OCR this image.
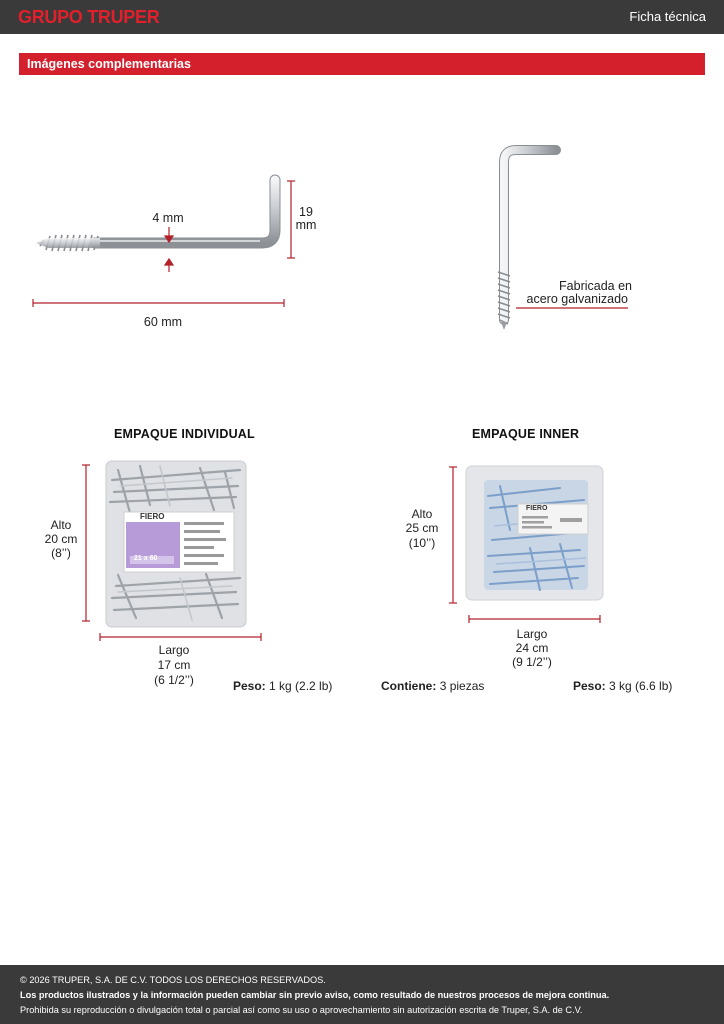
GRUPO TRUPER	Ficha técnica
Imágenes complementarias
4 mm	19
mm
60 mm
Fabricada en
acero galvanizado
FIERO
21 x 60
FIERO
EMPAQUE INDIVIDUAL
Alto
20 cm
(8’’)
Largo
17 cm
(6 1/2’’)	Peso: 1 kg (2.2 lb)
EMPAQUE INNER
Alto
25 cm
(10’’)
Largo
24 cm
(9 1/2’’)
Contiene: 3 piezas	Peso: 3 kg (6.6 lb)
© 2026 TRUPER, S.A. DE C.V. TODOS LOS DERECHOS RESERVADOS.
Los productos ilustrados y la información pueden cambiar sin previo aviso, como resultado de nuestros procesos de mejora continua.
Prohibida su reproducción o divulgación total o parcial así como su uso o aprovechamiento sin autorización escrita de Truper, S.A. de C.V.
